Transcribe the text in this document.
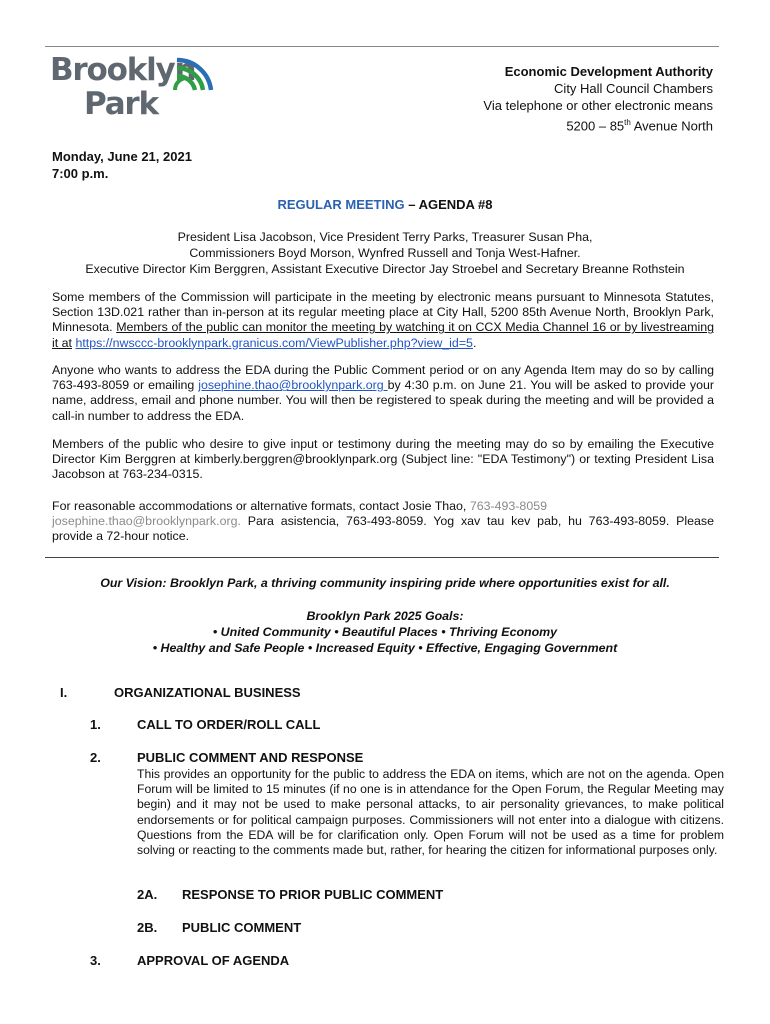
Brooklyn
Park
Economic Development Authority
City Hall Council Chambers
Via telephone or other electronic means
5200 – 85th Avenue North
Monday, June 21, 2021
7:00 p.m.
REGULAR MEETING – AGENDA #8
President Lisa Jacobson, Vice President Terry Parks, Treasurer Susan Pha,
Commissioners Boyd Morson, Wynfred Russell and Tonja West-Hafner.
Executive Director Kim Berggren, Assistant Executive Director Jay Stroebel and Secretary Breanne Rothstein
Some members of the Commission will participate in the meeting by electronic means pursuant to Minnesota Statutes, Section 13D.021 rather than in-person at its regular meeting place at City Hall, 5200 85th Avenue North, Brooklyn Park, Minnesota. Members of the public can monitor the meeting by watching it on CCX Media Channel 16 or by livestreaming it at https://nwsccc-brooklynpark.granicus.com/ViewPublisher.php?view_id=5.
Anyone who wants to address the EDA during the Public Comment period or on any Agenda Item may do so by calling 763-493-8059 or emailing josephine.thao@brooklynpark.org by 4:30 p.m. on June 21. You will be asked to provide your name, address, email and phone number. You will then be registered to speak during the meeting and will be provided a call-in number to address the EDA.
Members of the public who desire to give input or testimony during the meeting may do so by emailing the Executive Director Kim Berggren at kimberly.berggren@brooklynpark.org (Subject line: "EDA Testimony") or texting President Lisa Jacobson at 763-234-0315.
For reasonable accommodations or alternative formats, contact Josie Thao, 763-493-8059
josephine.thao@brooklynpark.org. Para asistencia, 763-493-8059. Yog xav tau kev pab, hu 763-493-8059. Please provide a 72-hour notice.
Our Vision: Brooklyn Park, a thriving community inspiring pride where opportunities exist for all.
Brooklyn Park 2025 Goals:
• United Community • Beautiful Places • Thriving Economy
• Healthy and Safe People • Increased Equity • Effective, Engaging Government
I.	ORGANIZATIONAL BUSINESS
1.	CALL TO ORDER/ROLL CALL
2.	PUBLIC COMMENT AND RESPONSE
This provides an opportunity for the public to address the EDA on items, which are not on the agenda. Open Forum will be limited to 15 minutes (if no one is in attendance for the Open Forum, the Regular Meeting may begin) and it may not be used to make personal attacks, to air personality grievances, to make political endorsements or for political campaign purposes. Commissioners will not enter into a dialogue with citizens. Questions from the EDA will be for clarification only. Open Forum will not be used as a time for problem solving or reacting to the comments made but, rather, for hearing the citizen for informational purposes only.
2A. RESPONSE TO PRIOR PUBLIC COMMENT
2B. PUBLIC COMMENT
3.	APPROVAL OF AGENDA
